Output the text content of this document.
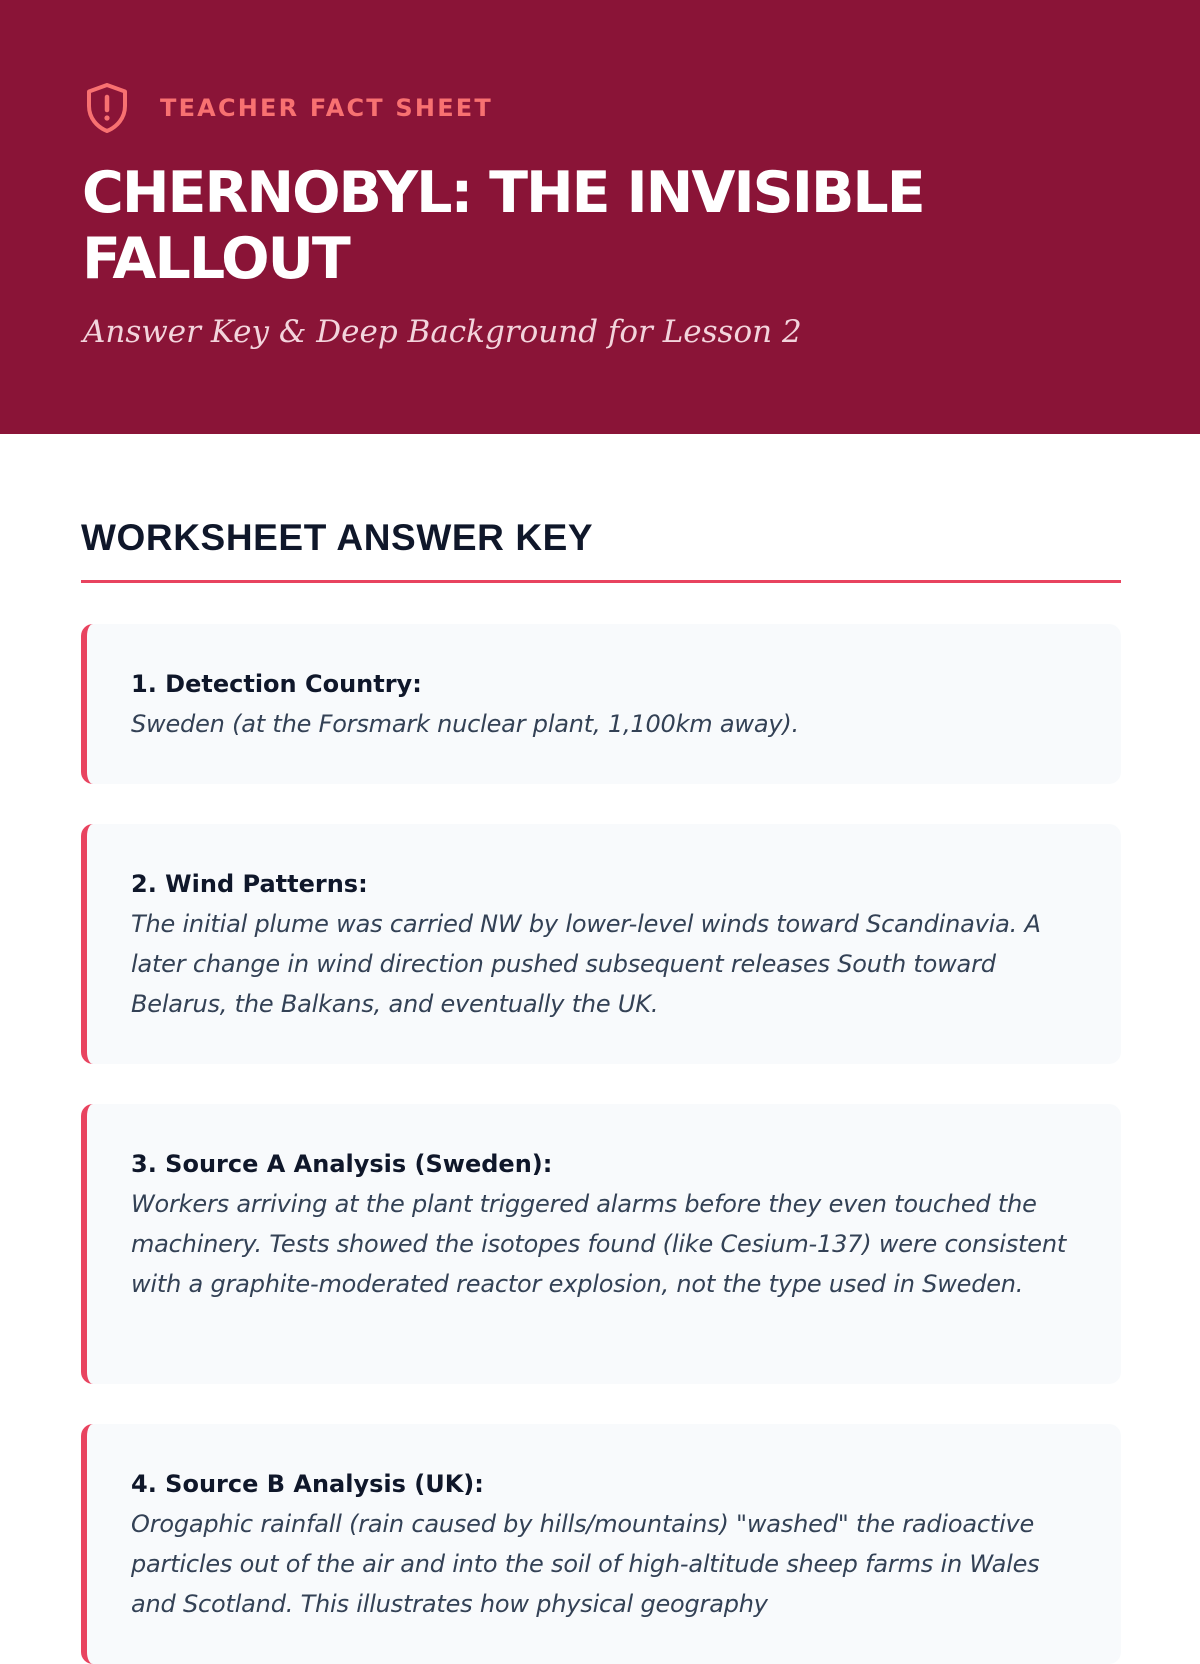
TEACHER FACT SHEET
CHERNOBYL: THE INVISIBLE FALLOUT

Answer Key & Deep Background for Lesson 2

WORKSHEET ANSWER KEY
1. Detection Country:
Sweden (at the Forsmark nuclear plant, 1,100km away).
2. Wind Patterns:
The initial plume was carried NW by lower-level winds toward Scandinavia. A later change in wind direction pushed subsequent releases South toward Belarus, the Balkans, and eventually the UK.
3. Source A Analysis (Sweden):
Workers arriving at the plant triggered alarms before they even touched the machinery. Tests showed the isotopes found (like Cesium-137) were consistent with a graphite-moderated reactor explosion, not the type used in Sweden.
4. Source B Analysis (UK):
Orogaphic rainfall (rain caused by hills/mountains) "washed" the radioactive particles out of the air and into the soil of high-altitude sheep farms in Wales and Scotland. This illustrates how physical geography
